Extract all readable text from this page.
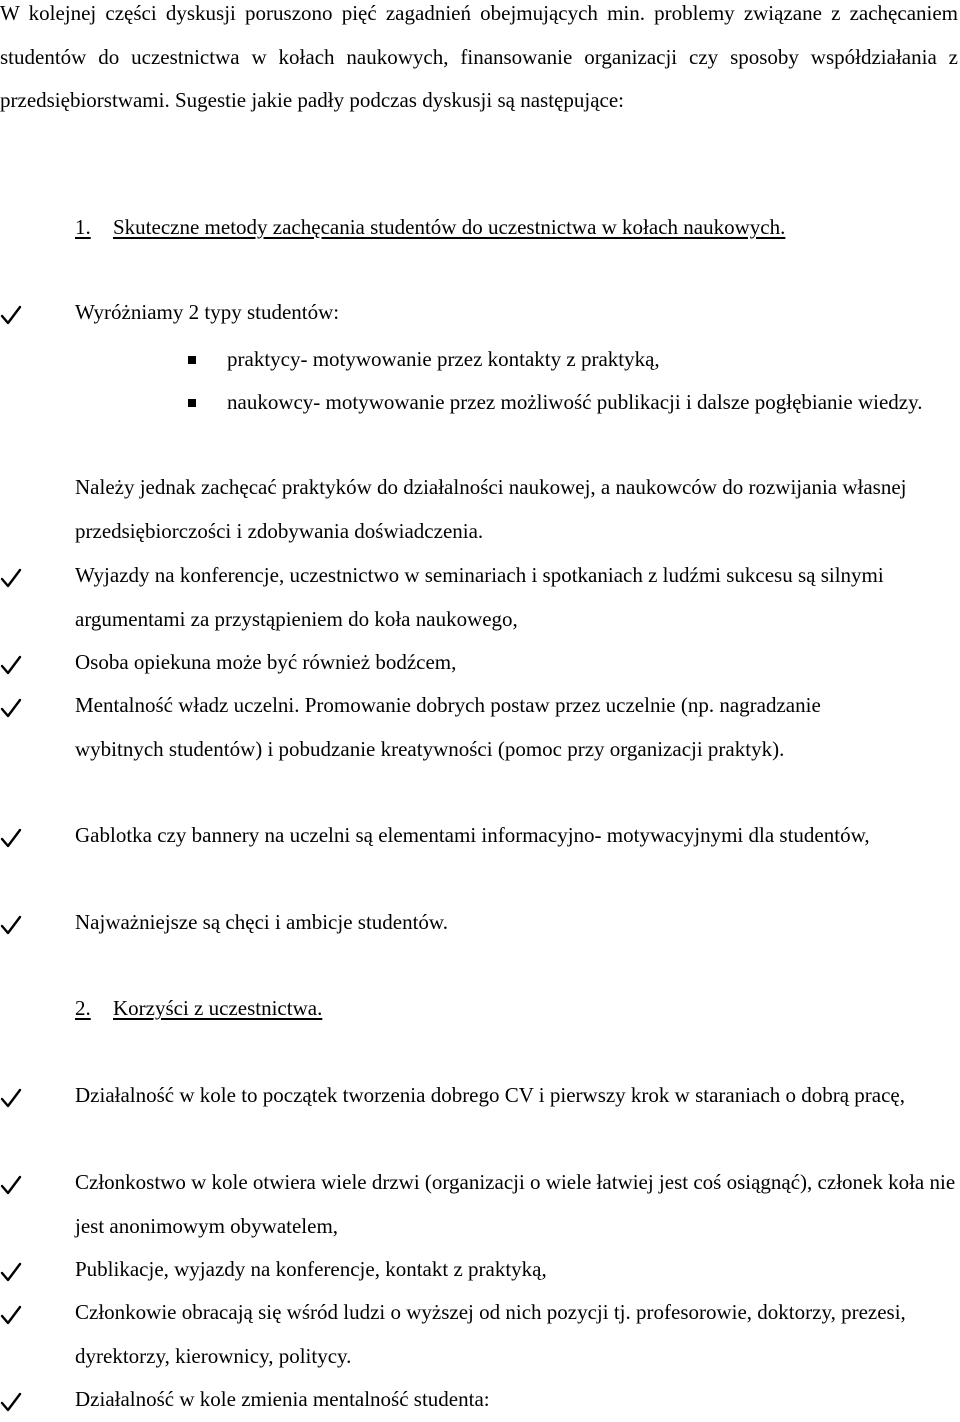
W kolejnej części dyskusji poruszono pięć zagadnień obejmujących min. problemy związane z zachęcaniem studentów do uczestnictwa w kołach naukowych, finansowanie organizacji czy sposoby współdziałania z przedsiębiorstwami. Sugestie jakie padły podczas dyskusji są następujące:
1. Skuteczne metody zachęcania studentów do uczestnictwa w kołach naukowych.
Wyróżniamy 2 typy studentów:
praktycy- motywowanie przez kontakty z praktyką,
naukowcy- motywowanie przez możliwość publikacji i dalsze pogłębianie wiedzy.
Należy jednak zachęcać praktyków do działalności naukowej, a naukowców do rozwijania własnej przedsiębiorczości i zdobywania doświadczenia.
Wyjazdy na konferencje, uczestnictwo w seminariach i spotkaniach z ludźmi sukcesu są silnymi argumentami za przystąpieniem do koła naukowego,
Osoba opiekuna może być również bodźcem,
Mentalność władz uczelni. Promowanie dobrych postaw przez uczelnie (np. nagradzanie wybitnych studentów) i pobudzanie kreatywności (pomoc przy organizacji praktyk).
Gablotka czy bannery na uczelni są elementami informacyjno- motywacyjnymi dla studentów,
Najważniejsze są chęci i ambicje studentów.
2. Korzyści z uczestnictwa.
Działalność w kole to początek tworzenia dobrego CV i pierwszy krok w staraniach o dobrą pracę,
Członkostwo w kole otwiera wiele drzwi (organizacji o wiele łatwiej jest coś osiągnąć), członek koła nie jest anonimowym obywatelem,
Publikacje, wyjazdy na konferencje, kontakt z praktyką,
Członkowie obracają się wśród ludzi o wyższej od nich pozycji tj. profesorowie, doktorzy, prezesi, dyrektorzy, kierownicy, politycy.
Działalność w kole zmienia mentalność studenta:
